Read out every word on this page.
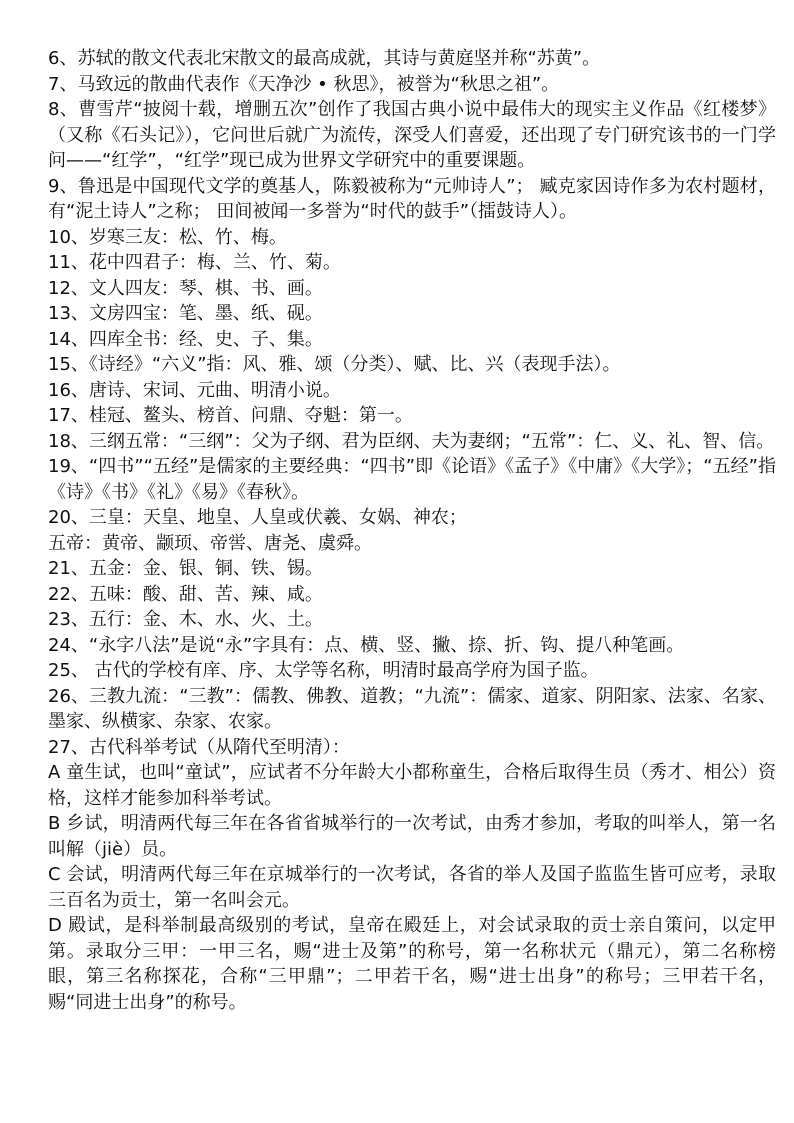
6、苏轼的散文代表北宋散文的最高成就，其诗与黄庭坚并称“苏黄”。

7、马致远的散曲代表作《天净沙 • 秋思》，被誉为“秋思之祖”。

8、曹雪芹“披阅十载，增删五次”创作了我国古典小说中最伟大的现实主义作品《红楼梦》（又称《石头记》），它问世后就广为流传，深受人们喜爱，还出现了专门研究该书的一门学问——“红学”，“红学”现已成为世界文学研究中的重要课题。

9、鲁迅是中国现代文学的奠基人，陈毅被称为“元帅诗人”； 臧克家因诗作多为农村题材，有“泥土诗人”之称； 田间被闻一多誉为“时代的鼓手”（擂鼓诗人）。

10、岁寒三友：松、竹、梅。

11、花中四君子：梅、兰、竹、菊。

12、文人四友：琴、棋、书、画。

13、文房四宝：笔、墨、纸、砚。

14、四库全书：经、史、子、集。

15、《诗经》“六义”指：风、雅、颂（分类）、赋、比、兴（表现手法）。

16、唐诗、宋词、元曲、明清小说。

17、桂冠、鳌头、榜首、问鼎、夺魁：第一。

18、三纲五常：“三纲”：父为子纲、君为臣纲、夫为妻纲；“五常”：仁、义、礼、智、信。

19、“四书”“五经”是儒家的主要经典：“四书”即《论语》《孟子》《中庸》《大学》；“五经”指《诗》《书》《礼》《易》《春秋》。

20、三皇：天皇、地皇、人皇或伏羲、女娲、神农；

五帝：黄帝、颛顼、帝喾、唐尧、虞舜。

21、五金：金、银、铜、铁、锡。

22、五味：酸、甜、苦、辣、咸。

23、五行：金、木、水、火、土。

24、“永字八法”是说“永”字具有：点、横、竖、撇、捺、折、钩、提八种笔画。

25、 古代的学校有庠、序、太学等名称，明清时最高学府为国子监。

26、三教九流：“三教”：儒教、佛教、道教；“九流”：儒家、道家、阴阳家、法家、名家、墨家、纵横家、杂家、农家。

27、古代科举考试（从隋代至明清）：

A 童生试，也叫“童试”，应试者不分年龄大小都称童生，合格后取得生员（秀才、相公）资格，这样才能参加科举考试。

B 乡试，明清两代每三年在各省省城举行的一次考试，由秀才参加，考取的叫举人，第一名叫解（jiè）员。

C 会试，明清两代每三年在京城举行的一次考试，各省的举人及国子监监生皆可应考，录取三百名为贡士，第一名叫会元。

D 殿试，是科举制最高级别的考试，皇帝在殿廷上，对会试录取的贡士亲自策问，以定甲第。录取分三甲：一甲三名，赐“进士及第”的称号，第一名称状元（鼎元），第二名称榜眼，第三名称探花，合称“三甲鼎”；二甲若干名，赐“进士出身”的称号；三甲若干名，赐“同进士出身”的称号。
